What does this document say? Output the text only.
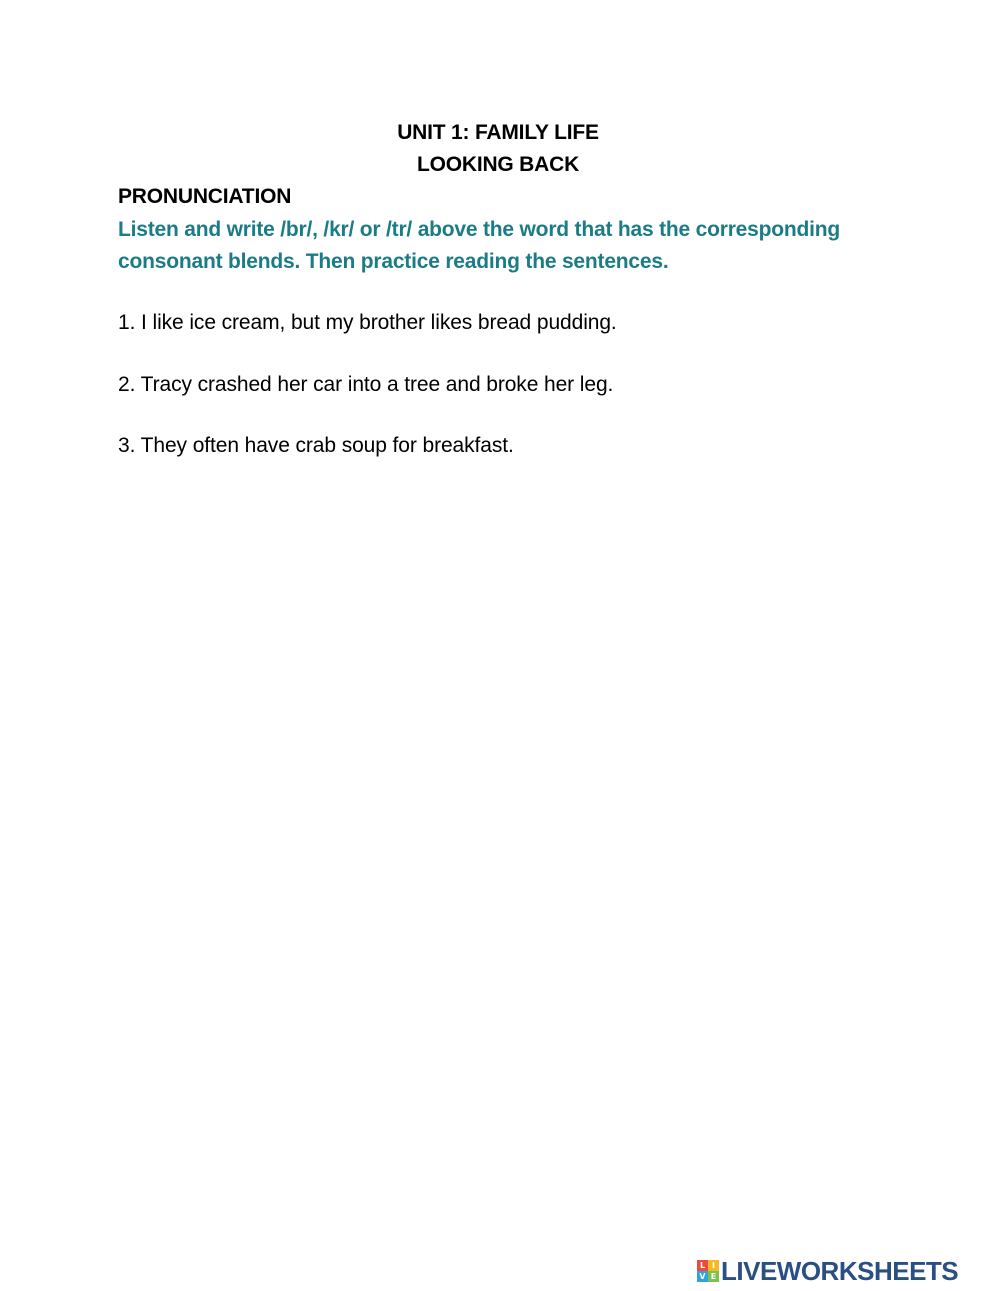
UNIT 1: FAMILY LIFE
LOOKING BACK
PRONUNCIATION
Listen and write /br/, /kr/ or /tr/ above the word that has the corresponding consonant blends. Then practice reading the sentences.
1. I like ice cream, but my brother likes bread pudding.
2. Tracy crashed her car into a tree and broke her leg.
3. They often have crab soup for breakfast.
L I
V E LIVEWORKSHEETS
